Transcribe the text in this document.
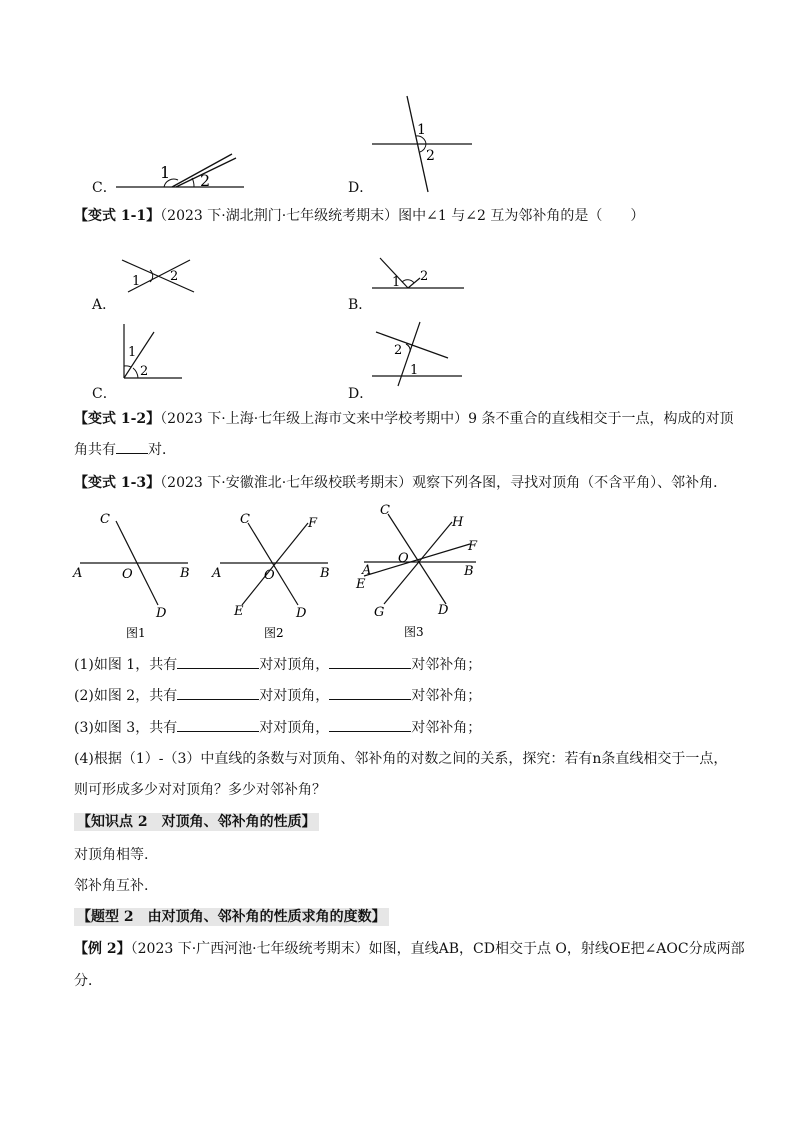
C．
1 2	D．
1
2
【变式 1-1】（2023 下·湖北荆门·七年级统考期末）图中∠1 与∠2 互为邻补角的是（　　）
A．
1 2
B．
1 2
C．
1
2
D．
2
1
【变式 1-2】（2023 下·上海·七年级上海市文来中学校考期中）9 条不重合的直线相交于一点，构成的对顶
角共有 对．
【变式 1-3】（2023 下·安徽淮北·七年级校联考期末）观察下列各图，寻找对顶角（不含平角）、邻补角．
A	B
C
D
O
图1
A	B
C	F
E	D
O
图2
A	B
C
H
F
E
G	D
O
图3
(1)如图 1，共有	对对顶角，	对邻补角；
(2)如图 2，共有	对对顶角，	对邻补角；
(3)如图 3，共有	对对顶角，	对邻补角；
(4)根据（1）-（3）中直线的条数与对顶角、邻补角的对数之间的关系，探究：若有n条直线相交于一点，
则可形成多少对对顶角？多少对邻补角？
【知识点 2　对顶角、邻补角的性质】
对顶角相等.
邻补角互补.
【题型 2　由对顶角、邻补角的性质求角的度数】
【例 2】（2023 下·广西河池·七年级统考期末）如图，直线AB，CD相交于点 O，射线OE把∠AOC分成两部
分．
